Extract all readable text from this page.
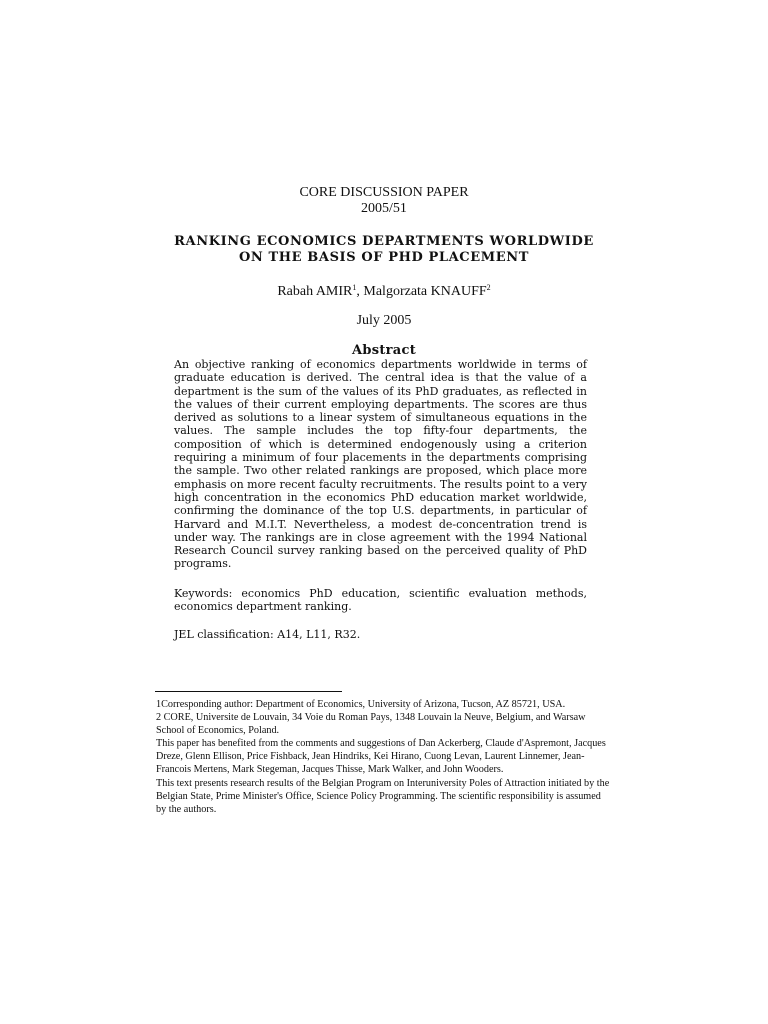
CORE DISCUSSION PAPER
2005/51
RANKING ECONOMICS DEPARTMENTS WORLDWIDE
ON THE BASIS OF PHD PLACEMENT
Rabah AMIR$^1$, Malgorzata KNAUFF$^2$
July 2005
Abstract
An objective ranking of economics departments worldwide in terms of graduate education is derived. The central idea is that the value of a department is the sum of the values of its PhD graduates, as reflected in the values of their current employing departments. The scores are thus derived as solutions to a linear system of simultaneous equations in the values. The sample includes the top fifty-four departments, the composition of which is determined endogenously using a criterion requiring a minimum of four placements in the departments comprising the sample. Two other related rankings are proposed, which place more emphasis on more recent faculty recruitments. The results point to a very high concentration in the economics PhD education market worldwide, confirming the dominance of the top U.S. departments, in particular of Harvard and M.I.T. Nevertheless, a modest de-concentration trend is under way. The rankings are in close agreement with the 1994 National Research Council survey ranking based on the perceived quality of PhD programs.
Keywords: economics PhD education, scientific evaluation methods, economics department ranking.
JEL classification: A14, L11, R32.

1Corresponding author: Department of Economics, University of Arizona, Tucson, AZ 85721, USA.

2 CORE, Universite de Louvain, 34 Voie du Roman Pays, 1348 Louvain la Neuve, Belgium, and Warsaw School of Economics, Poland.

This paper has benefited from the comments and suggestions of Dan Ackerberg, Claude d'Aspremont, Jacques Dreze, Glenn Ellison, Price Fishback, Jean Hindriks, Kei Hirano, Cuong Levan, Laurent Linnemer, Jean-Francois Mertens, Mark Stegeman, Jacques Thisse, Mark Walker, and John Wooders.

This text presents research results of the Belgian Program on Interuniversity Poles of Attraction initiated by the Belgian State, Prime Minister's Office, Science Policy Programming. The scientific responsibility is assumed by the authors.
